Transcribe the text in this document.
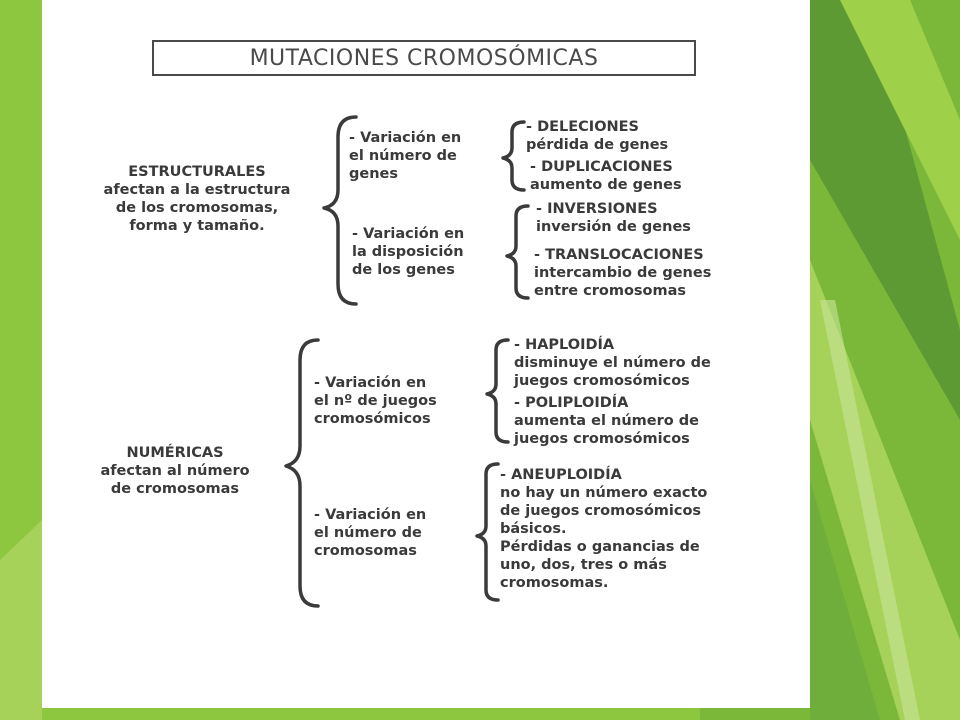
MUTACIONES CROMOSÓMICAS
ESTRUCTURALES
afectan a la estructura
de los cromosomas,
forma y tamaño.
- Variación en
el número de
genes
- DELECIONES
pérdida de genes
- DUPLICACIONES
aumento de genes
- Variación en
la disposición
de los genes
- INVERSIONES
inversión de genes
- TRANSLOCACIONES
intercambio de genes
entre cromosomas
NUMÉRICAS
afectan al número
de cromosomas
- Variación en
el nº de juegos
cromosómicos
- HAPLOIDÍA
disminuye el número de
juegos cromosómicos
- POLIPLOIDÍA
aumenta el número de
juegos cromosómicos
- Variación en
el número de
cromosomas
- ANEUPLOIDÍA
no hay un número exacto
de juegos cromosómicos
básicos.
Pérdidas o ganancias de
uno, dos, tres o más
cromosomas.
